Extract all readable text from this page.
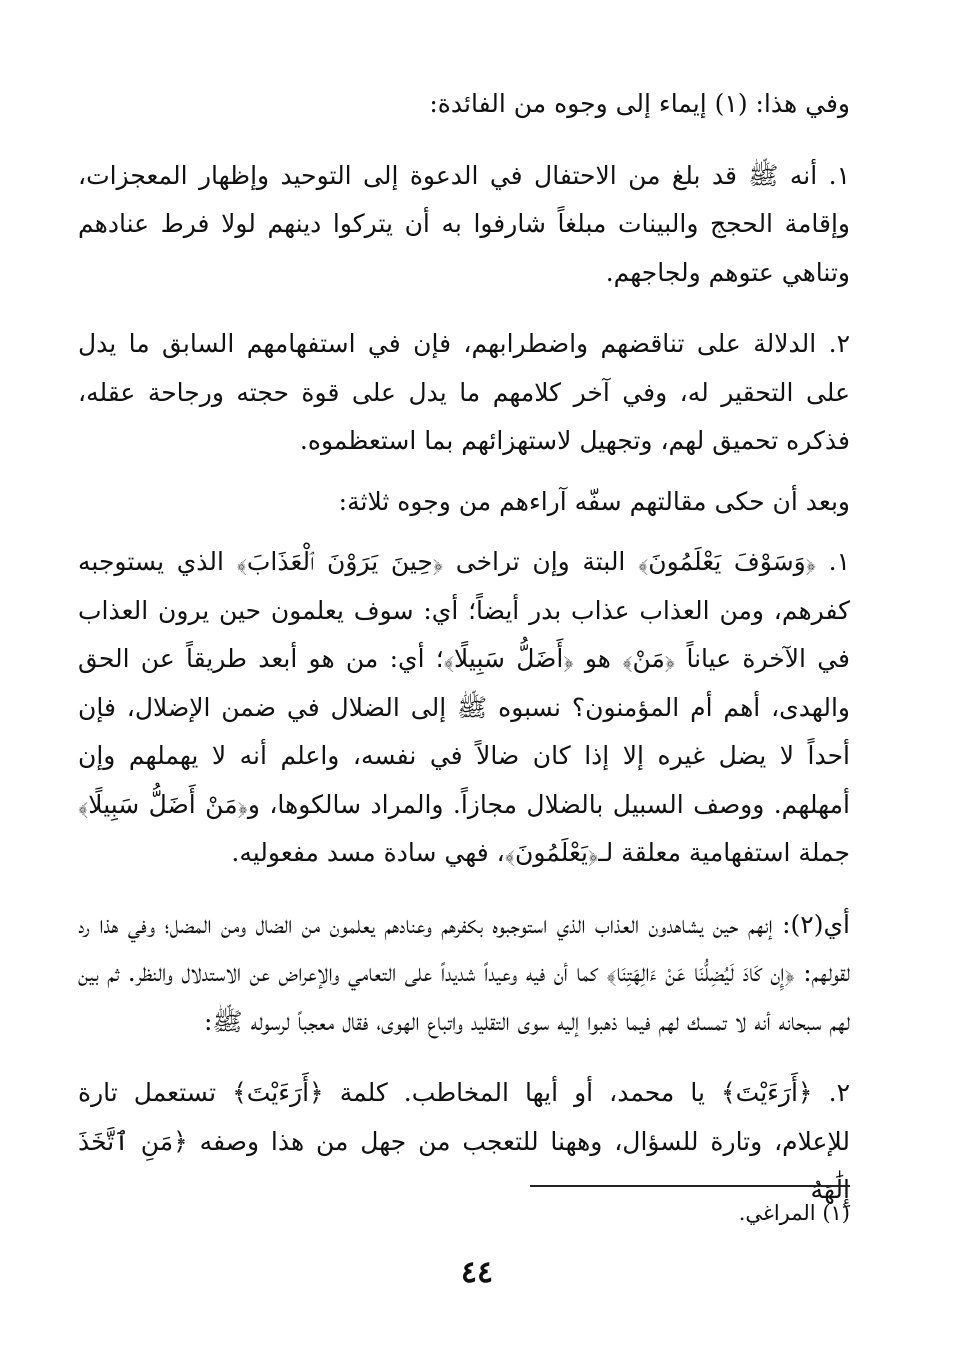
وفي هذا: (١) إيماء إلى وجوه من الفائدة:

١. أنه ﷺ قد بلغ من الاحتفال في الدعوة إلى التوحيد وإظهار المعجزات، وإقامة الحجج والبينات مبلغاً شارفوا به أن يتركوا دينهم لولا فرط عنادهم وتناهي عتوهم ولجاجهم.

٢. الدلالة على تناقضهم واضطرابهم، فإن في استفهامهم السابق ما يدل على التحقير له، وفي آخر كلامهم ما يدل على قوة حجته ورجاحة عقله، فذكره تحميق لهم، وتجهيل لاستهزائهم بما استعظموه.

وبعد أن حكى مقالتهم سفّه آراءهم من وجوه ثلاثة:

١. ﴿وَسَوْفَ يَعْلَمُونَ﴾ البتة وإن تراخى ﴿حِينَ يَرَوْنَ ٱلْعَذَابَ﴾ الذي يستوجبه كفرهم، ومن العذاب عذاب بدر أيضاً؛ أي: سوف يعلمون حين يرون العذاب في الآخرة عياناً ﴿مَنْ﴾ هو ﴿أَضَلُّ سَبِيلًا﴾؛ أي: من هو أبعد طريقاً عن الحق والهدى، أهم أم المؤمنون؟ نسبوه ﷺ إلى الضلال في ضمن الإضلال، فإن أحداً لا يضل غيره إلا إذا كان ضالاً في نفسه، واعلم أنه لا يهملهم وإن أمهلهم. ووصف السبيل بالضلال مجازاً. والمراد سالكوها، و﴿مَنْ أَضَلُّ سَبِيلًا﴾ جملة استفهامية معلقة لـ﴿يَعْلَمُونَ﴾، فهي سادة مسد مفعوليه.

أي(٢): إنهم حين يشاهدون العذاب الذي استوجبوه بكفرهم وعنادهم يعلمون من الضال ومن المضل؛ وفي هذا رد لقولهم: ﴿إِن كَادَ لَيُضِلُّنَا عَنْ ءَالِهَتِنَا﴾ كما أن فيه وعيداً شديداً على التعامي والإعراض عن الاستدلال والنظر. ثم بين لهم سبحانه أنه لا تمسك لهم فيما ذهبوا إليه سوى التقليد واتباع الهوى، فقال معجباً لرسوله ﷺ:

٢. ﴿أَرَءَيْتَ﴾ يا محمد، أو أيها المخاطب. كلمة ﴿أَرَءَيْتَ﴾ تستعمل تارة للإعلام، وتارة للسؤال، وههنا للتعجب من جهل من هذا وصفه ﴿مَنِ ٱتَّخَذَ إِلَٰهَهُ

(١) المراغي.
٤٤
